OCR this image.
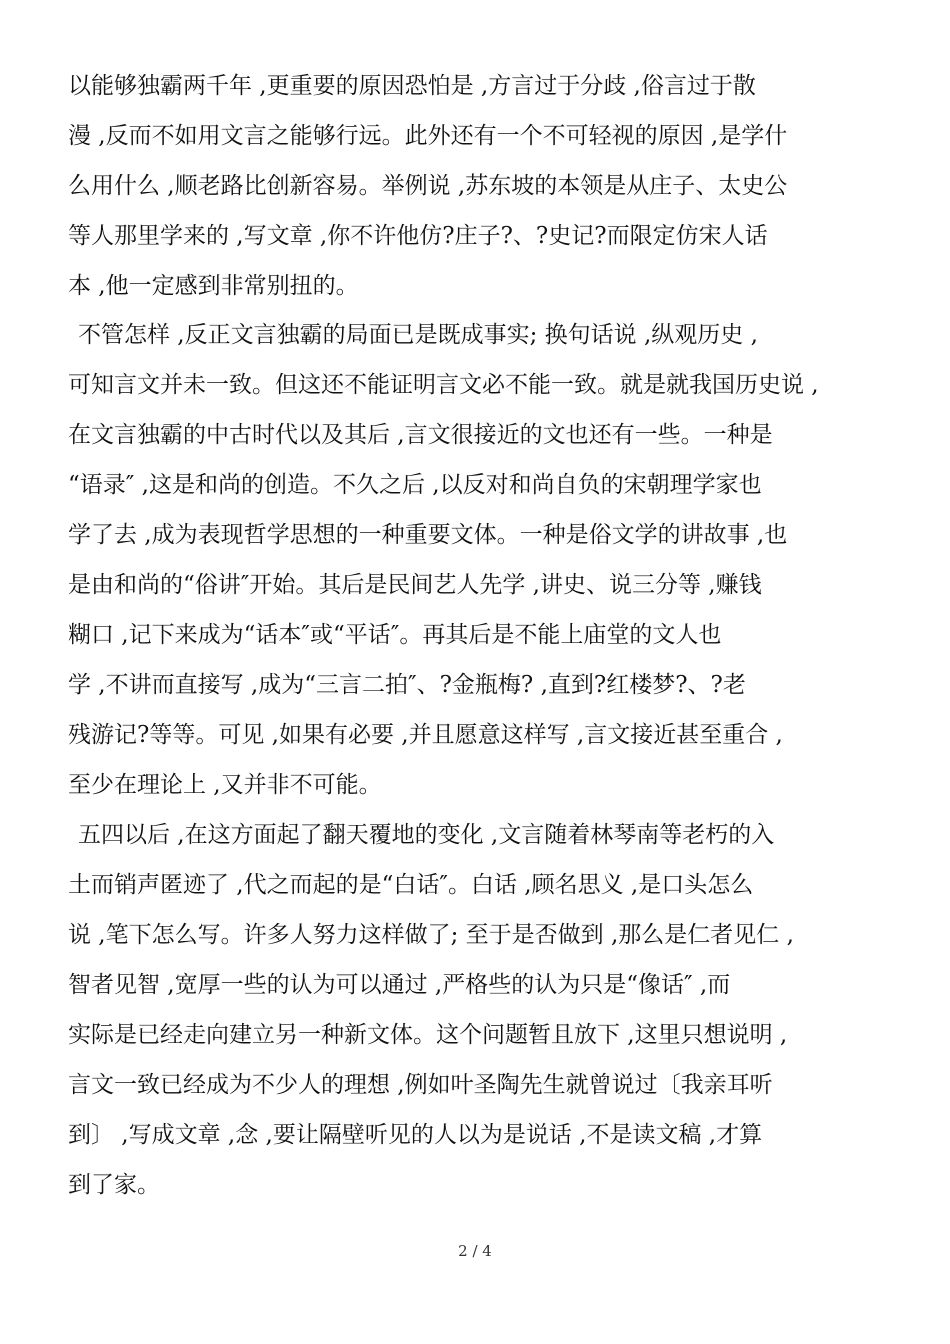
以能够独霸两千年 ,更重要的原因恐怕是 ,方言过于分歧 ,俗言过于散
漫 ,反而不如用文言之能够行远。此外还有一个不可轻视的原因 ,是学什
么用什么 ,顺老路比创新容易。举例说 ,苏东坡的本领是从庄子、太史公
等人那里学来的 ,写文章 ,你不许他仿?庄子?、?史记?而限定仿宋人话
本 ,他一定感到非常别扭的。
不管怎样 ,反正文言独霸的局面已是既成事实; 换句话说 ,纵观历史 ,
可知言文并未一致。但这还不能证明言文必不能一致。就是就我国历史说 ,
在文言独霸的中古时代以及其后 ,言文很接近的文也还有一些。一种是
“语录″ ,这是和尚的创造。不久之后 ,以反对和尚自负的宋朝理学家也
学了去 ,成为表现哲学思想的一种重要文体。一种是俗文学的讲故事 ,也
是由和尚的“俗讲″开始。其后是民间艺人先学 ,讲史、说三分等 ,赚钱
糊口 ,记下来成为“话本″或“平话″。再其后是不能上庙堂的文人也
学 ,不讲而直接写 ,成为“三言二拍″、?金瓶梅? ,直到?红楼梦?、?老
残游记?等等。可见 ,如果有必要 ,并且愿意这样写 ,言文接近甚至重合 ,
至少在理论上 ,又并非不可能。
五四以后 ,在这方面起了翻天覆地的变化 ,文言随着林琴南等老朽的入
土而销声匿迹了 ,代之而起的是“白话″。白话 ,顾名思义 ,是口头怎么
说 ,笔下怎么写。许多人努力这样做了; 至于是否做到 ,那么是仁者见仁 ,
智者见智 ,宽厚一些的认为可以通过 ,严格些的认为只是“像话″ ,而
实际是已经走向建立另一种新文体。这个问题暂且放下 ,这里只想说明 ,
言文一致已经成为不少人的理想 ,例如叶圣陶先生就曾说过〔我亲耳听
到〕 ,写成文章 ,念 ,要让隔壁听见的人以为是说话 ,不是读文稿 ,才算
到了家。
2 / 4
